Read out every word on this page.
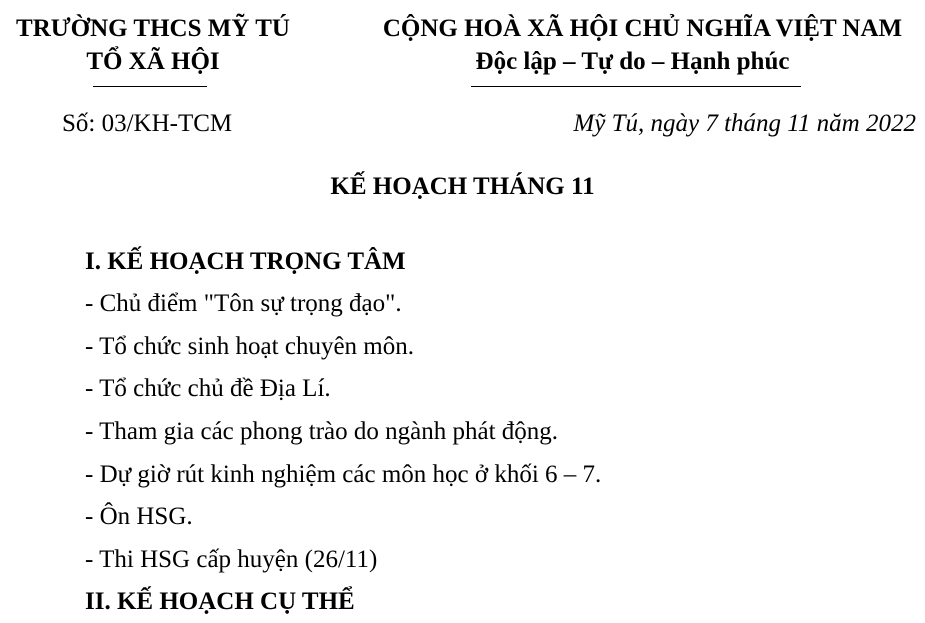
TRƯỜNG THCS MỸ TÚ
TỔ XÃ HỘI
CỘNG HOÀ XÃ HỘI CHỦ NGHĨA VIỆT NAM
Độc lập – Tự do – Hạnh phúc
Số: 03/KH-TCM	Mỹ Tú, ngày 7 tháng 11 năm 2022
KẾ HOẠCH THÁNG 11
I. KẾ HOẠCH TRỌNG TÂM
- Chủ điểm "Tôn sự trọng đạo".
- Tổ chức sinh hoạt chuyên môn.
- Tổ chức chủ đề Địa Lí.
- Tham gia các phong trào do ngành phát động.
- Dự giờ rút kinh nghiệm các môn học ở khối 6 – 7.
- Ôn HSG.
- Thi HSG cấp huyện (26/11)
II. KẾ HOẠCH CỤ THỂ
